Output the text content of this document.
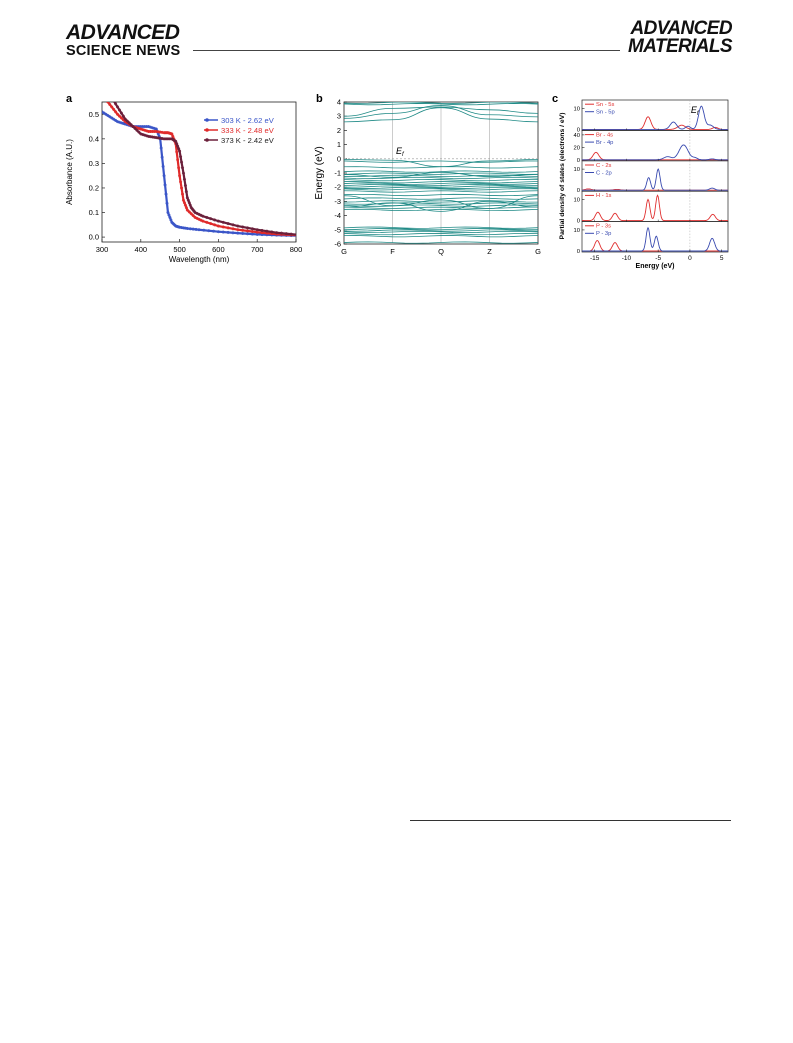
ADVANCED
SCIENCE NEWS
ADVANCED
MATERIALS
a
300	400	500	600	700	800
0.0
0.1
0.2
0.3
0.4
0.5
Wavelength (nm)
Absorbance (A.U.)
303 K - 2.62 eV
333 K - 2.48 eV
373 K - 2.42 eV
b
G	F	Q	Z	G
-6
-5
-4
-3
-2
-1
0
1
2
3
4
Energy (eV)	$E_f$
c
Partial density of states (electrons / eV) 0
10
Sn - 5s
Sn - 5p
0
20
40	Br - 4s
Br - 4p
0
10
C - 2s
C - 2p
0
10
H - 1s
0
10
P - 3s
P - 3p
-15	-10	-5	0	5
Energy (eV)
$E_f$
